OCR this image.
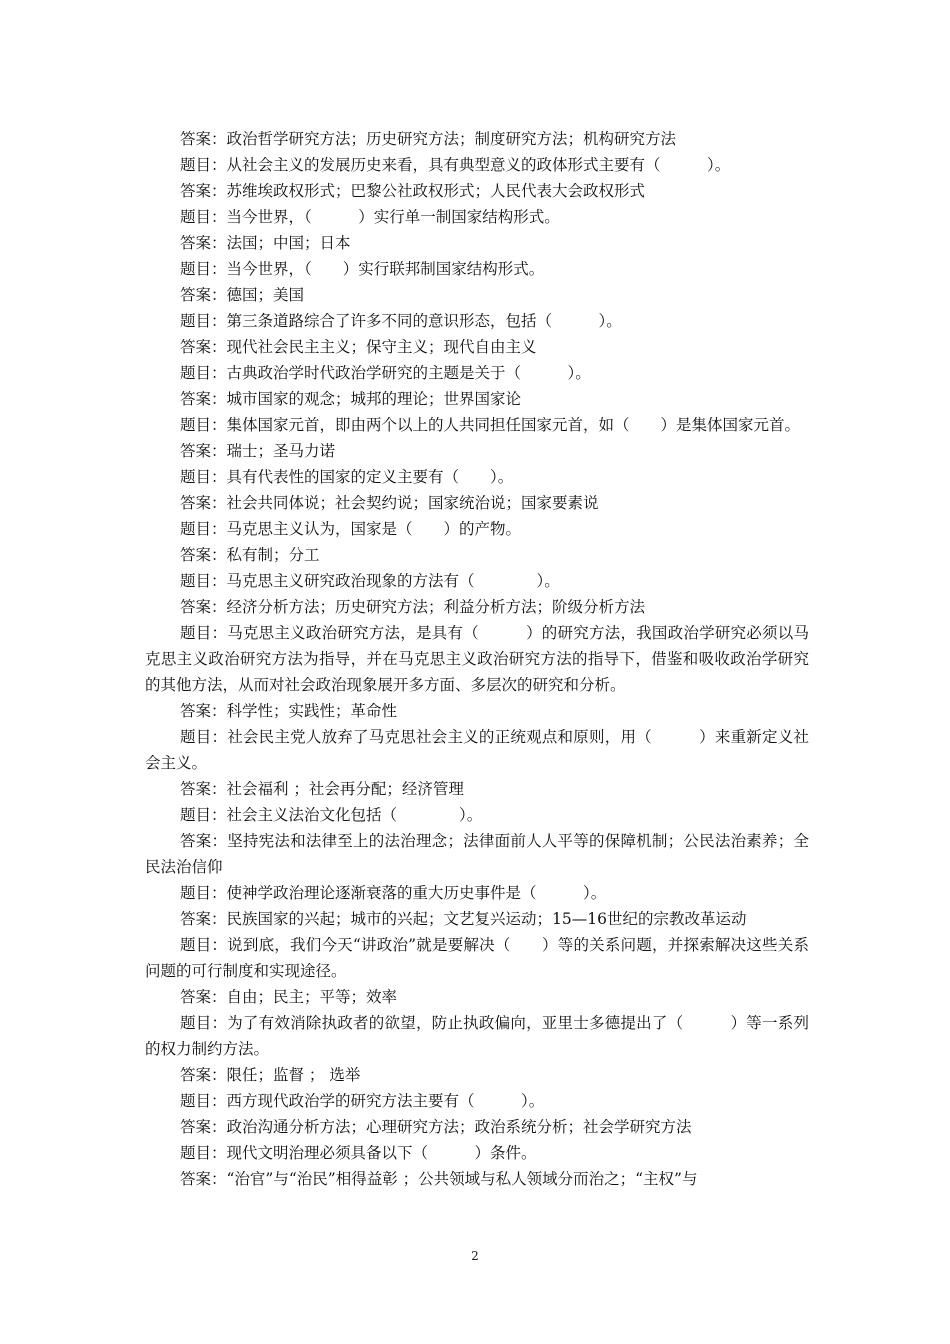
答案：政治哲学研究方法；历史研究方法；制度研究方法；机构研究方法

题目：从社会主义的发展历史来看，具有典型意义的政体形式主要有（　　　）。

答案：苏维埃政权形式；巴黎公社政权形式；人民代表大会政权形式

题目：当今世界，（　　　）实行单一制国家结构形式。

答案：法国；中国；日本

题目：当今世界，（　　）实行联邦制国家结构形式。

答案：德国；美国

题目：第三条道路综合了许多不同的意识形态，包括（　　　）。

答案：现代社会民主主义；保守主义；现代自由主义

题目：古典政治学时代政治学研究的主题是关于（　　　）。

答案：城市国家的观念；城邦的理论；世界国家论

题目：集体国家元首，即由两个以上的人共同担任国家元首，如（　　）是集体国家元首。

答案：瑞士；圣马力诺

题目：具有代表性的国家的定义主要有（　　）。

答案：社会共同体说；社会契约说；国家统治说；国家要素说

题目：马克思主义认为，国家是（　　）的产物。

答案：私有制；分工

题目：马克思主义研究政治现象的方法有（　　　　）。

答案：经济分析方法；历史研究方法；利益分析方法；阶级分析方法

题目：马克思主义政治研究方法，是具有（　　　）的研究方法，我国政治学研究必须以马克思主义政治研究方法为指导，并在马克思主义政治研究方法的指导下，借鉴和吸收政治学研究的其他方法，从而对社会政治现象展开多方面、多层次的研究和分析。

答案：科学性；实践性；革命性

题目：社会民主党人放弃了马克思社会主义的正统观点和原则，用（　　　）来重新定义社会主义。

答案：社会福利 ；社会再分配；经济管理

题目：社会主义法治文化包括（　　　　）。

答案：坚持宪法和法律至上的法治理念；法律面前人人平等的保障机制；公民法治素养；全民法治信仰

题目：使神学政治理论逐渐衰落的重大历史事件是（　　　）。

答案：民族国家的兴起；城市的兴起；文艺复兴运动；15—16世纪的宗教改革运动

题目：说到底，我们今天“讲政治”就是要解决（　　）等的关系问题，并探索解决这些关系问题的可行制度和实现途径。

答案：自由；民主；平等；效率

题目：为了有效消除执政者的欲望，防止执政偏向，亚里士多德提出了（　　　）等一系列的权力制约方法。

答案：限任；监督 ； 选举

题目：西方现代政治学的研究方法主要有（　　　）。

答案：政治沟通分析方法；心理研究方法；政治系统分析；社会学研究方法

题目：现代文明治理必须具备以下（　　　）条件。

答案：“治官”与“治民”相得益彰 ；公共领域与私人领域分而治之；“主权”与

2
